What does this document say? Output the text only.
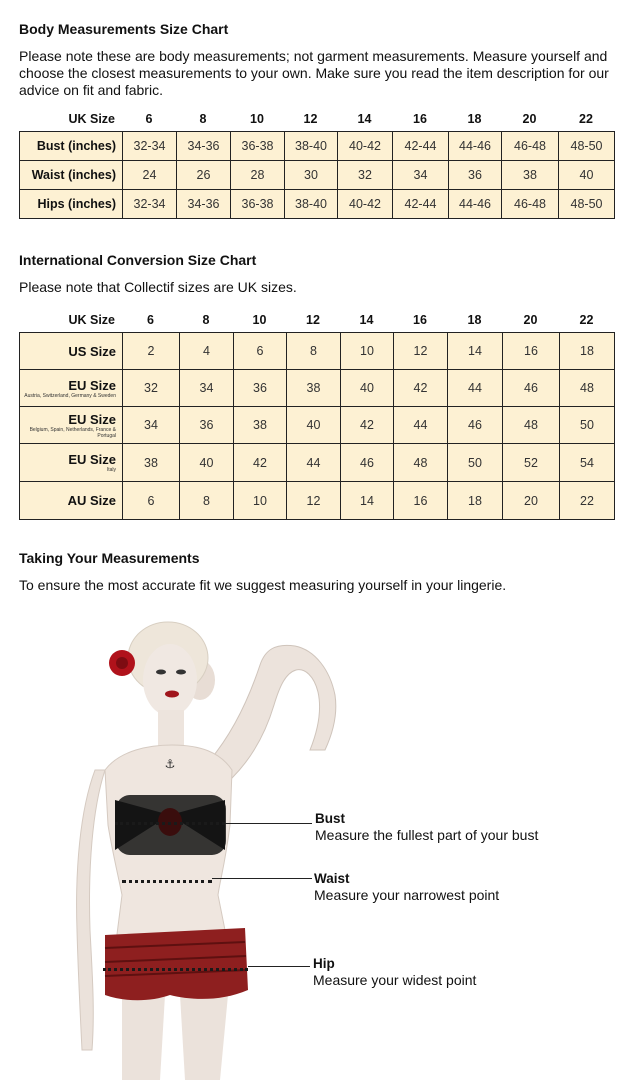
Body Measurements Size Chart
Please note these are body measurements; not garment measurements. Measure yourself and
choose the closest measurements to your own. Make sure you read the item description for our
advice on fit and fabric.
UK Size	6	8	10	12	14	16	18	20	22
Bust (inches)	32-34	34-36	36-38	38-40	40-42	42-44	44-46	46-48	48-50
Waist (inches)	24	26	28	30	32	34	36	38	40
Hips (inches)	32-34	34-36	36-38	38-40	40-42	42-44	44-46	46-48	48-50
International Conversion Size Chart
Please note that Collectif sizes are UK sizes.
UK Size	6	8	10	12	14	16	18	20	22
US Size	2	4	6	8	10	12	14	16	18
EU Size
Austria, Switzerland, Germany & Sweden	32	34	36	38	40	42	44	46	48
EU Size
Belgium, Spain, Netherlands, France & Portugal	34	36	38	40	42	44	46	48	50
EU Size
Italy	38	40	42	44	46	48	50	52	54
AU Size	6	8	10	12	14	16	18	20	22
Taking Your Measurements
To ensure the most accurate fit we suggest measuring yourself in your lingerie.
⚓
Bust
Measure the fullest part of your bust
Waist
Measure your narrowest point
Hip
Measure your widest point
